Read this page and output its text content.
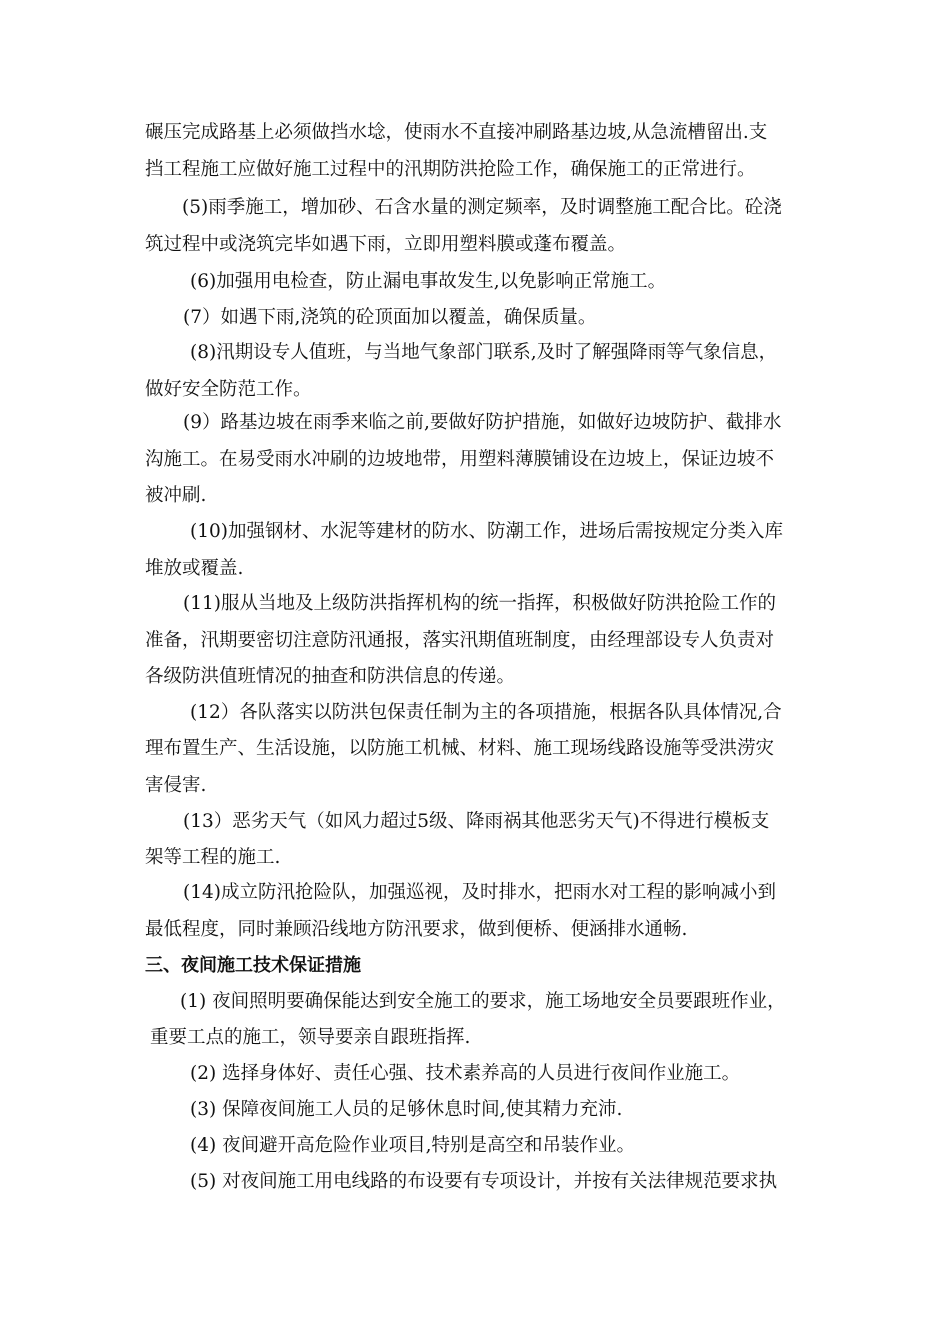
碾压完成路基上必须做挡水埝，使雨水不直接冲刷路基边坡,从急流槽留出.支
挡工程施工应做好施工过程中的汛期防洪抢险工作，确保施工的正常进行。
(5)雨季施工，增加砂、石含水量的测定频率，及时调整施工配合比。砼浇
筑过程中或浇筑完毕如遇下雨，立即用塑料膜或蓬布覆盖。
(6)加强用电检查，防止漏电事故发生,以免影响正常施工。
(7）如遇下雨,浇筑的砼顶面加以覆盖，确保质量。
(8)汛期设专人值班，与当地气象部门联系,及时了解强降雨等气象信息，
做好安全防范工作。
(9）路基边坡在雨季来临之前,要做好防护措施，如做好边坡防护、截排水
沟施工。在易受雨水冲刷的边坡地带，用塑料薄膜铺设在边坡上，保证边坡不
被冲刷.
(10)加强钢材、水泥等建材的防水、防潮工作，进场后需按规定分类入库
堆放或覆盖.
(11)服从当地及上级防洪指挥机构的统一指挥，积极做好防洪抢险工作的
准备，汛期要密切注意防汛通报，落实汛期值班制度，由经理部设专人负责对
各级防洪值班情况的抽查和防洪信息的传递。
(12）各队落实以防洪包保责任制为主的各项措施，根据各队具体情况,合
理布置生产、生活设施，以防施工机械、材料、施工现场线路设施等受洪涝灾
害侵害.
(13）恶劣天气（如风力超过5级、降雨祸其他恶劣天气)不得进行模板支
架等工程的施工.
(14)成立防汛抢险队，加强巡视，及时排水，把雨水对工程的影响减小到
最低程度，同时兼顾沿线地方防汛要求，做到便桥、便涵排水通畅.
三、夜间施工技术保证措施
(1) 夜间照明要确保能达到安全施工的要求，施工场地安全员要跟班作业，
重要工点的施工，领导要亲自跟班指挥.
(2) 选择身体好、责任心强、技术素养高的人员进行夜间作业施工。
(3) 保障夜间施工人员的足够休息时间,使其精力充沛.
(4) 夜间避开高危险作业项目,特别是高空和吊装作业。
(5) 对夜间施工用电线路的布设要有专项设计，并按有关法律规范要求执
